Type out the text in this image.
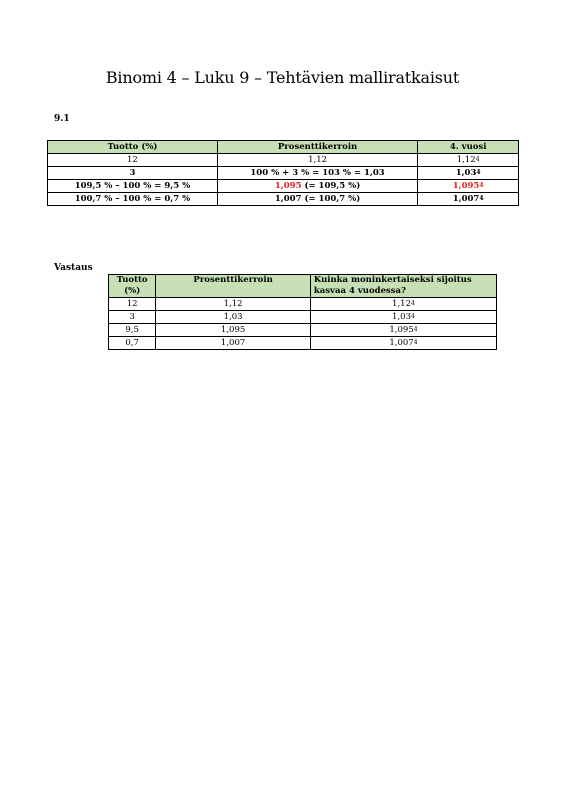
Binomi 4 – Luku 9 – Tehtävien malliratkaisut
9.1
Tuotto (%)	Prosenttikerroin	4. vuosi
12	1,12	1,12$^4$
3	100 % + 3 % = 103 % = 1,03	1,03$^4$
109,5 % – 100 % = 9,5 %	1,095 (= 109,5 %)	1,095$^4$
100,7 % – 100 % = 0,7 %	1,007 (= 100,7 %)	1,007$^4$
Vastaus
Tuotto (%)	Prosenttikerroin	Kuinka moninkertaiseksi sijoitus kasvaa 4 vuodessa?
12	1,12	1,12$^4$
3	1,03	1,03$^4$
9,5	1,095	1,095$^4$
0,7	1,007	1,007$^4$
